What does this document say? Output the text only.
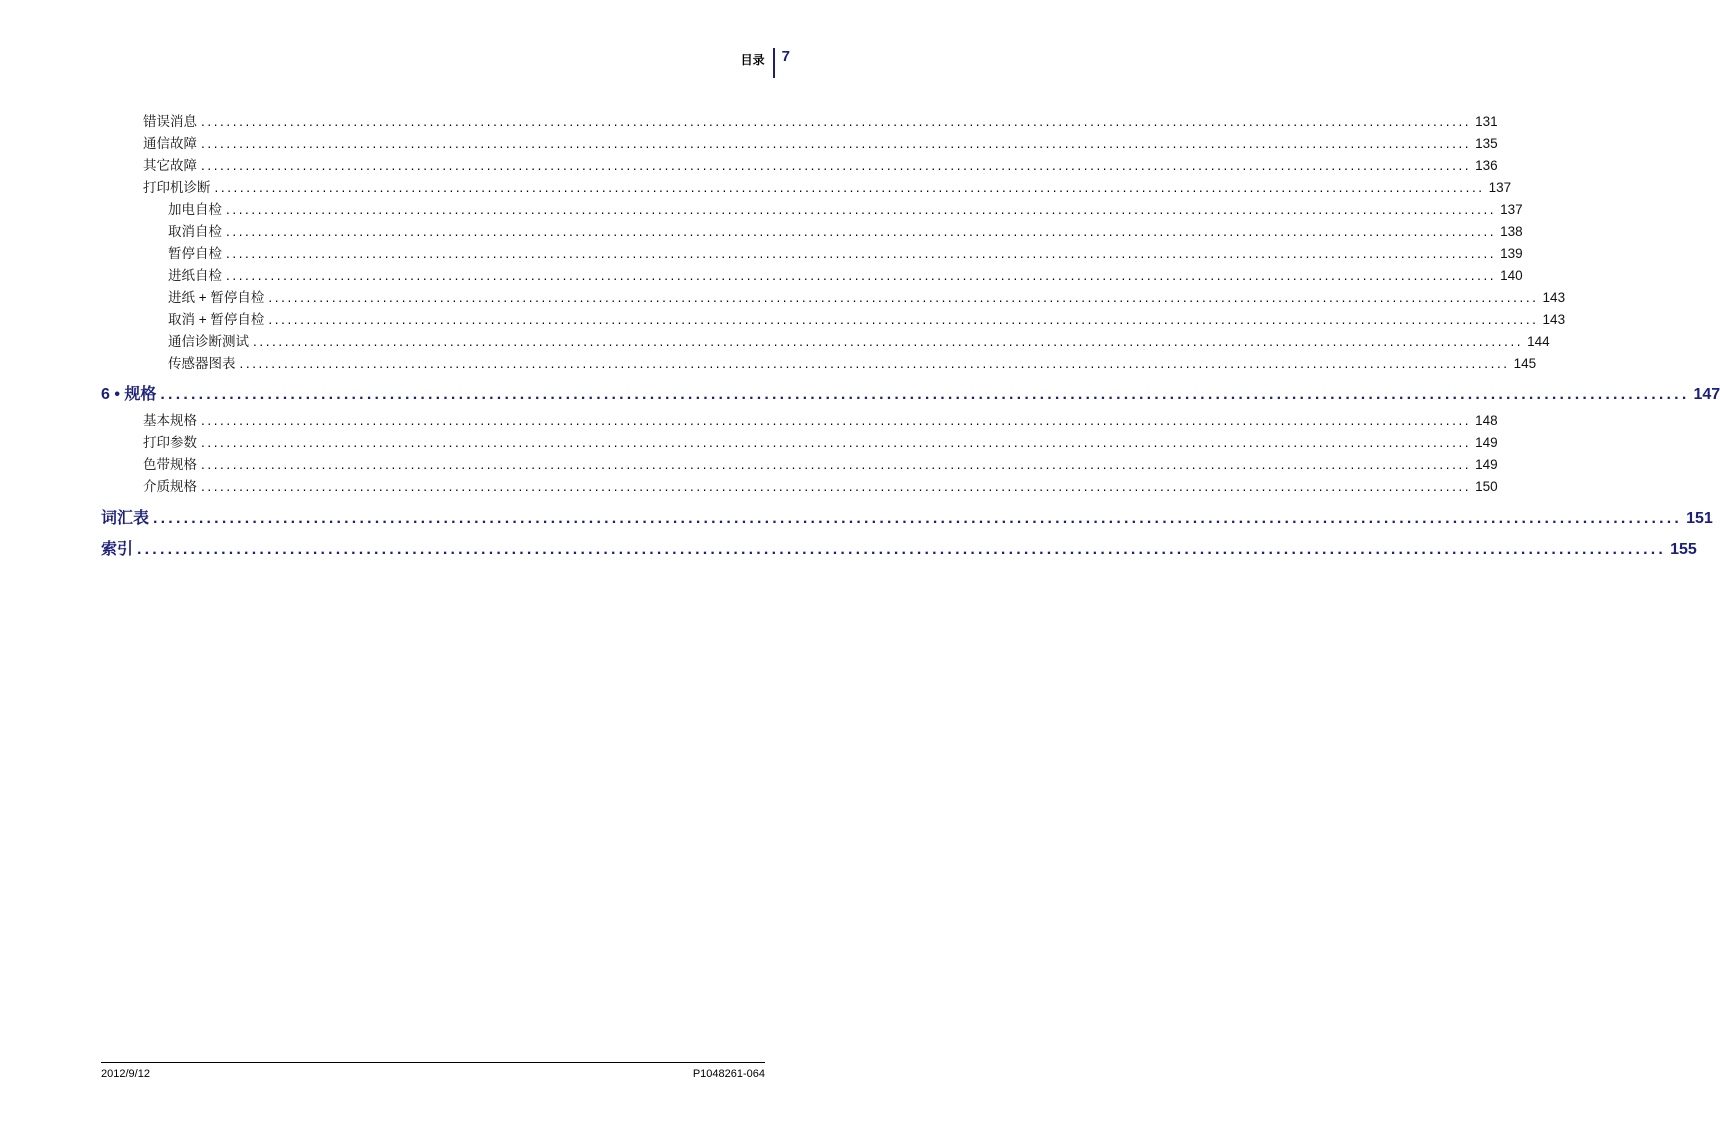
目录	7
错误消息 ........................................................................................................................................................................................................ 131
通信故障 ........................................................................................................................................................................................................ 135
其它故障 ........................................................................................................................................................................................................ 136
打印机诊断 ........................................................................................................................................................................................................ 137
加电自检 ........................................................................................................................................................................................................ 137
取消自检 ........................................................................................................................................................................................................ 138
暂停自检 ........................................................................................................................................................................................................ 139
进纸自检 ........................................................................................................................................................................................................ 140
进纸 + 暂停自检 ........................................................................................................................................................................................................ 143
取消 + 暂停自检 ........................................................................................................................................................................................................ 143
通信诊断测试 ........................................................................................................................................................................................................ 144
传感器图表 ........................................................................................................................................................................................................ 145
6 • 规格 ........................................................................................................................................................................................................ 147
基本规格 ........................................................................................................................................................................................................ 148
打印参数 ........................................................................................................................................................................................................ 149
色带规格 ........................................................................................................................................................................................................ 149
介质规格 ........................................................................................................................................................................................................ 150
词汇表 ........................................................................................................................................................................................................ 151
索引 ........................................................................................................................................................................................................ 155
2012/9/12	P1048261-064
